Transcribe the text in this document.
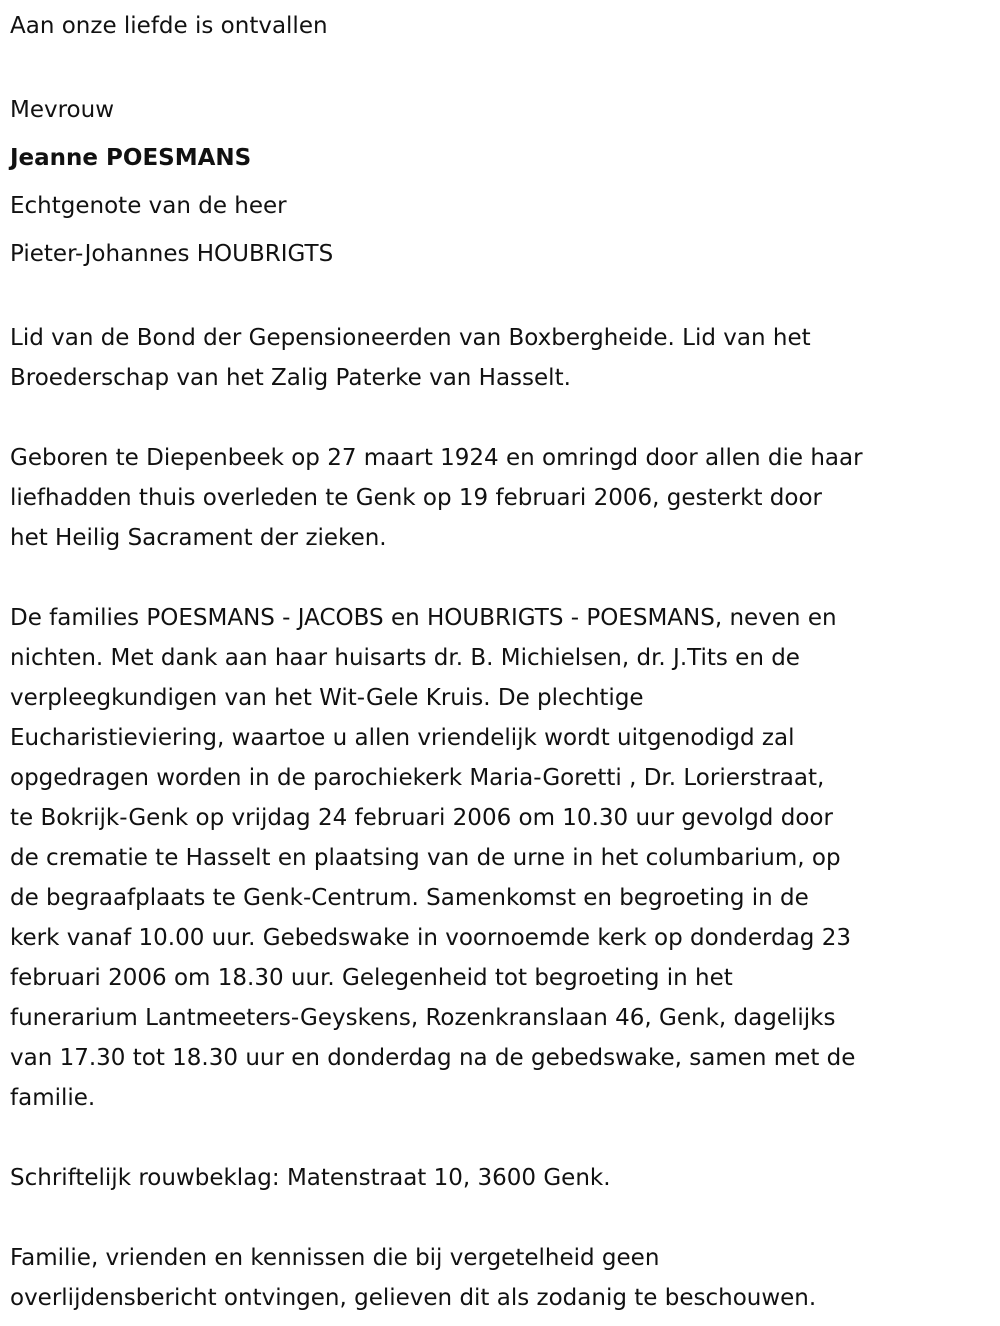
Aan onze liefde is ontvallen

Mevrouw

Jeanne POESMANS

Echtgenote van de heer

Pieter-Johannes HOUBRIGTS

Lid van de Bond der Gepensioneerden van Boxbergheide. Lid van het

Broederschap van het Zalig Paterke van Hasselt.

Geboren te Diepenbeek op 27 maart 1924 en omringd door allen die haar

liefhadden thuis overleden te Genk op 19 februari 2006, gesterkt door

het Heilig Sacrament der zieken.

De families POESMANS - JACOBS en HOUBRIGTS - POESMANS, neven en

nichten. Met dank aan haar huisarts dr. B. Michielsen, dr. J.Tits en de

verpleegkundigen van het Wit-Gele Kruis. De plechtige

Eucharistieviering, waartoe u allen vriendelijk wordt uitgenodigd zal

opgedragen worden in de parochiekerk Maria-Goretti , Dr. Lorierstraat,

te Bokrijk-Genk op vrijdag 24 februari 2006 om 10.30 uur gevolgd door

de crematie te Hasselt en plaatsing van de urne in het columbarium, op

de begraafplaats te Genk-Centrum. Samenkomst en begroeting in de

kerk vanaf 10.00 uur. Gebedswake in voornoemde kerk op donderdag 23

februari 2006 om 18.30 uur. Gelegenheid tot begroeting in het

funerarium Lantmeeters-Geyskens, Rozenkranslaan 46, Genk, dagelijks

van 17.30 tot 18.30 uur en donderdag na de gebedswake, samen met de

familie.

Schriftelijk rouwbeklag: Matenstraat 10, 3600 Genk.

Familie, vrienden en kennissen die bij vergetelheid geen

overlijdensbericht ontvingen, gelieven dit als zodanig te beschouwen.
